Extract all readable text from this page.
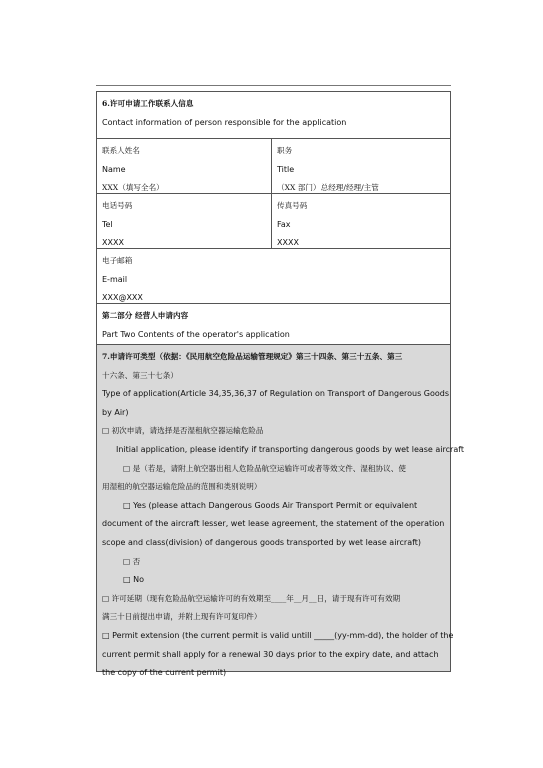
6.许可申请工作联系人信息
Contact information of person responsible for the application
联系人姓名
Name
XXX（填写全名）
职务
Title
（XX 部门）总经理/经理/主管
电话号码
Tel
XXXX
传真号码
Fax
XXXX
电子邮箱
E-mail
XXX@XXX
第二部分 经营人申请内容
Part Two Contents of the operator's application
7.申请许可类型（依据：《民用航空危险品运输管理规定》第三十四条、第三十五条、第三
十六条、第三十七条）
Type of application(Article 34,35,36,37 of Regulation on Transport of Dangerous Goods
by Air)
□ 初次申请，请选择是否湿租航空器运输危险品
Initial application, please identify if transporting dangerous goods by wet lease aircraft
□ 是（若是，请附上航空器出租人危险品航空运输许可或者等效文件、湿租协议、使
用湿租的航空器运输危险品的范围和类别说明）
□ Yes (please attach Dangerous Goods Air Transport Permit or equivalent
document of the aircraft lesser, wet lease agreement, the statement of the operation
scope and class(division) of dangerous goods transported by wet lease aircraft)
□ 否
□ No
□ 许可延期（现有危险品航空运输许可的有效期至____年__月__日，请于现有许可有效期
满三十日前提出申请，并附上现有许可复印件）
□ Permit extension (the current permit is valid untill _____(yy-mm-dd), the holder of the
current permit shall apply for a renewal 30 days prior to the expiry date, and attach
the copy of the current permit)
